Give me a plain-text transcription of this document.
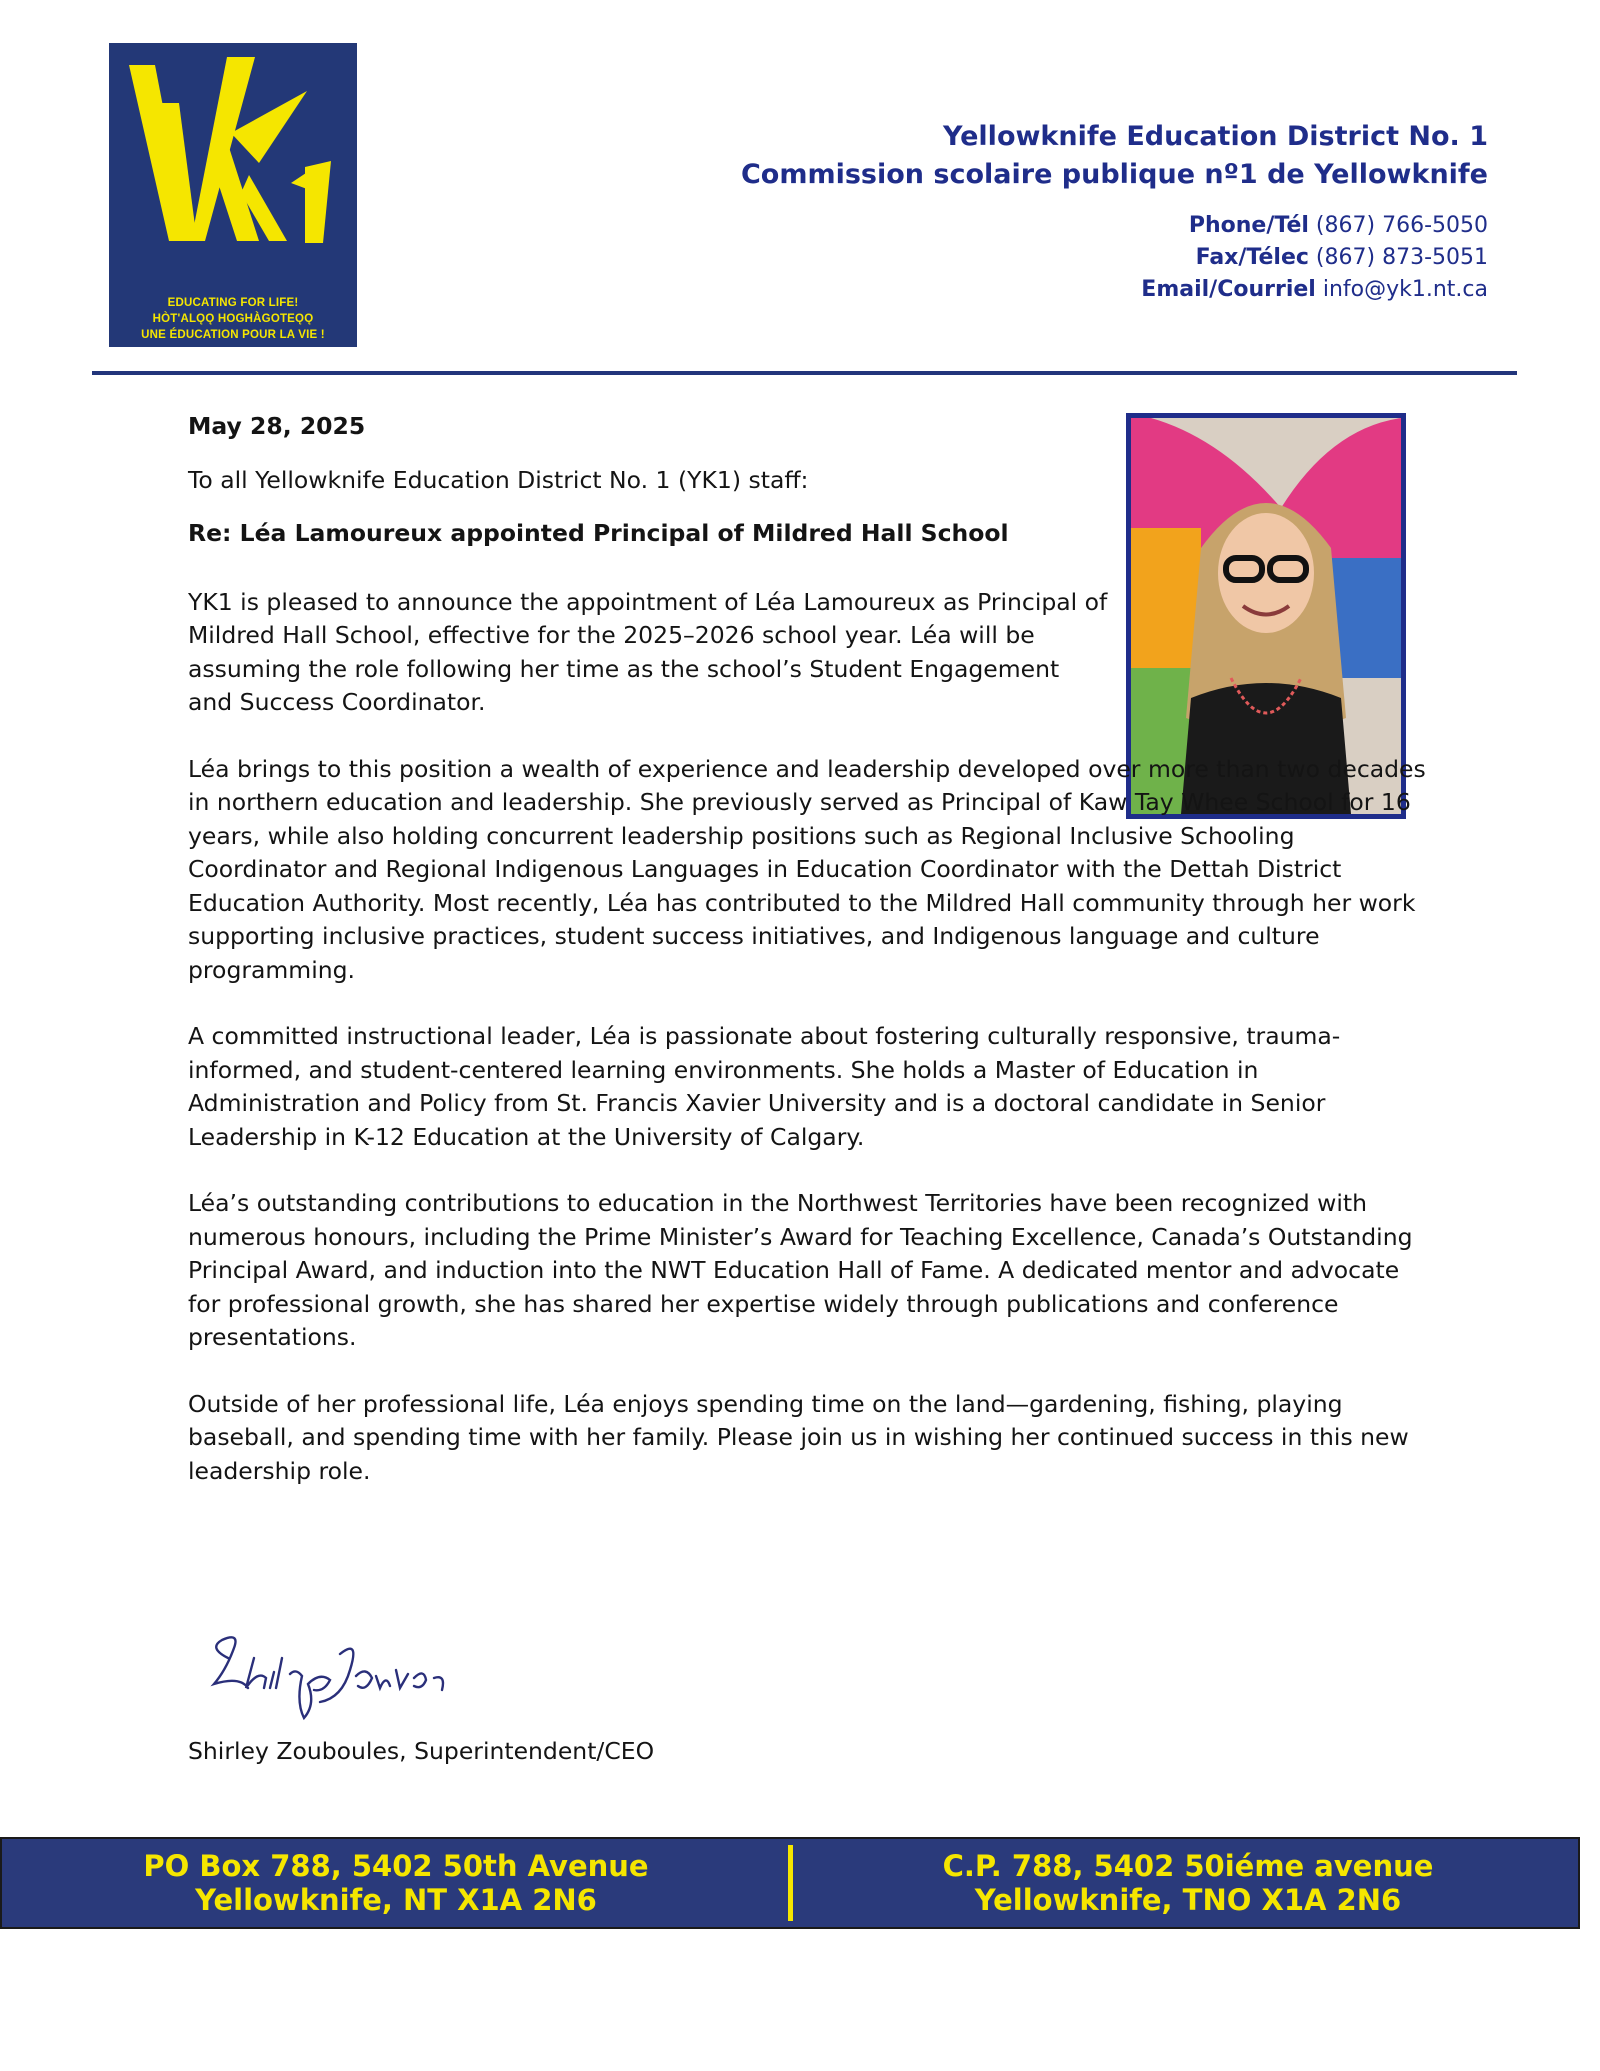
EDUCATING FOR LIFE!
HÒT'ALǪǪ HOGHÀGOTEǪǪ
UNE ÉDUCATION POUR LA VIE !
Yellowknife Education District No. 1
Commission scolaire publique nº1 de Yellowknife
Phone/Tél (867) 766-5050
Fax/Télec (867) 873-5051
Email/Courriel info@yk1.nt.ca

May 28, 2025

To all Yellowknife Education District No. 1 (YK1) staff:

Re: Léa Lamoureux appointed Principal of Mildred Hall School

YK1 is pleased to announce the appointment of Léa Lamoureux as Principal of Mildred Hall School, effective for the 2025–2026 school year. Léa will be assuming the role following her time as the school’s Student Engagement and Success Coordinator.

Léa brings to this position a wealth of experience and leadership developed over more than two decades in northern education and leadership. She previously served as Principal of Kaw Tay Whee School for 16 years, while also holding concurrent leadership positions such as Regional Inclusive Schooling Coordinator and Regional Indigenous Languages in Education Coordinator with the Dettah District Education Authority. Most recently, Léa has contributed to the Mildred Hall community through her work supporting inclusive practices, student success initiatives, and Indigenous language and culture programming.

A committed instructional leader, Léa is passionate about fostering culturally responsive, trauma-informed, and student-centered learning environments. She holds a Master of Education in Administration and Policy from St. Francis Xavier University and is a doctoral candidate in Senior Leadership in K-12 Education at the University of Calgary.

Léa’s outstanding contributions to education in the Northwest Territories have been recognized with numerous honours, including the Prime Minister’s Award for Teaching Excellence, Canada’s Outstanding Principal Award, and induction into the NWT Education Hall of Fame. A dedicated mentor and advocate for professional growth, she has shared her expertise widely through publications and conference presentations.

Outside of her professional life, Léa enjoys spending time on the land—gardening, fishing, playing baseball, and spending time with her family. Please join us in wishing her continued success in this new leadership role.

Shirley Zouboules, Superintendent/CEO
PO Box 788, 5402 50th Avenue
Yellowknife, NT X1A 2N6
C.P. 788, 5402 50iéme avenue
Yellowknife, TNO X1A 2N6
